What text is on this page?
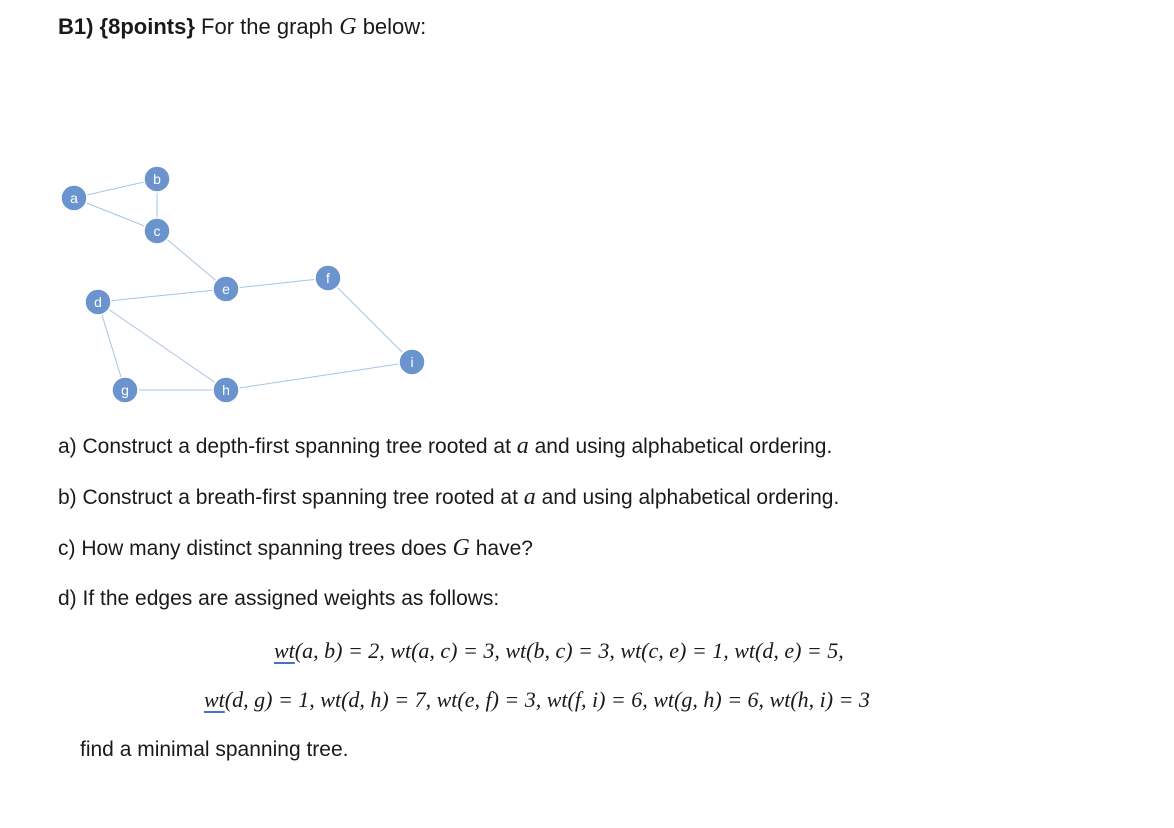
B1) {8points} For the graph G below:
a
b
c
d
e
f
g	h
i
a) Construct a depth-first spanning tree rooted at a and using alphabetical ordering.
b) Construct a breath-first spanning tree rooted at a and using alphabetical ordering.
c) How many distinct spanning trees does G have?
d) If the edges are assigned weights as follows:
wt(a, b) = 2, wt(a, c) = 3, wt(b, c) = 3, wt(c, e) = 1, wt(d, e) = 5,
wt(d, g) = 1, wt(d, h) = 7, wt(e, f) = 3, wt(f, i) = 6, wt(g, h) = 6, wt(h, i) = 3
find a minimal spanning tree.
